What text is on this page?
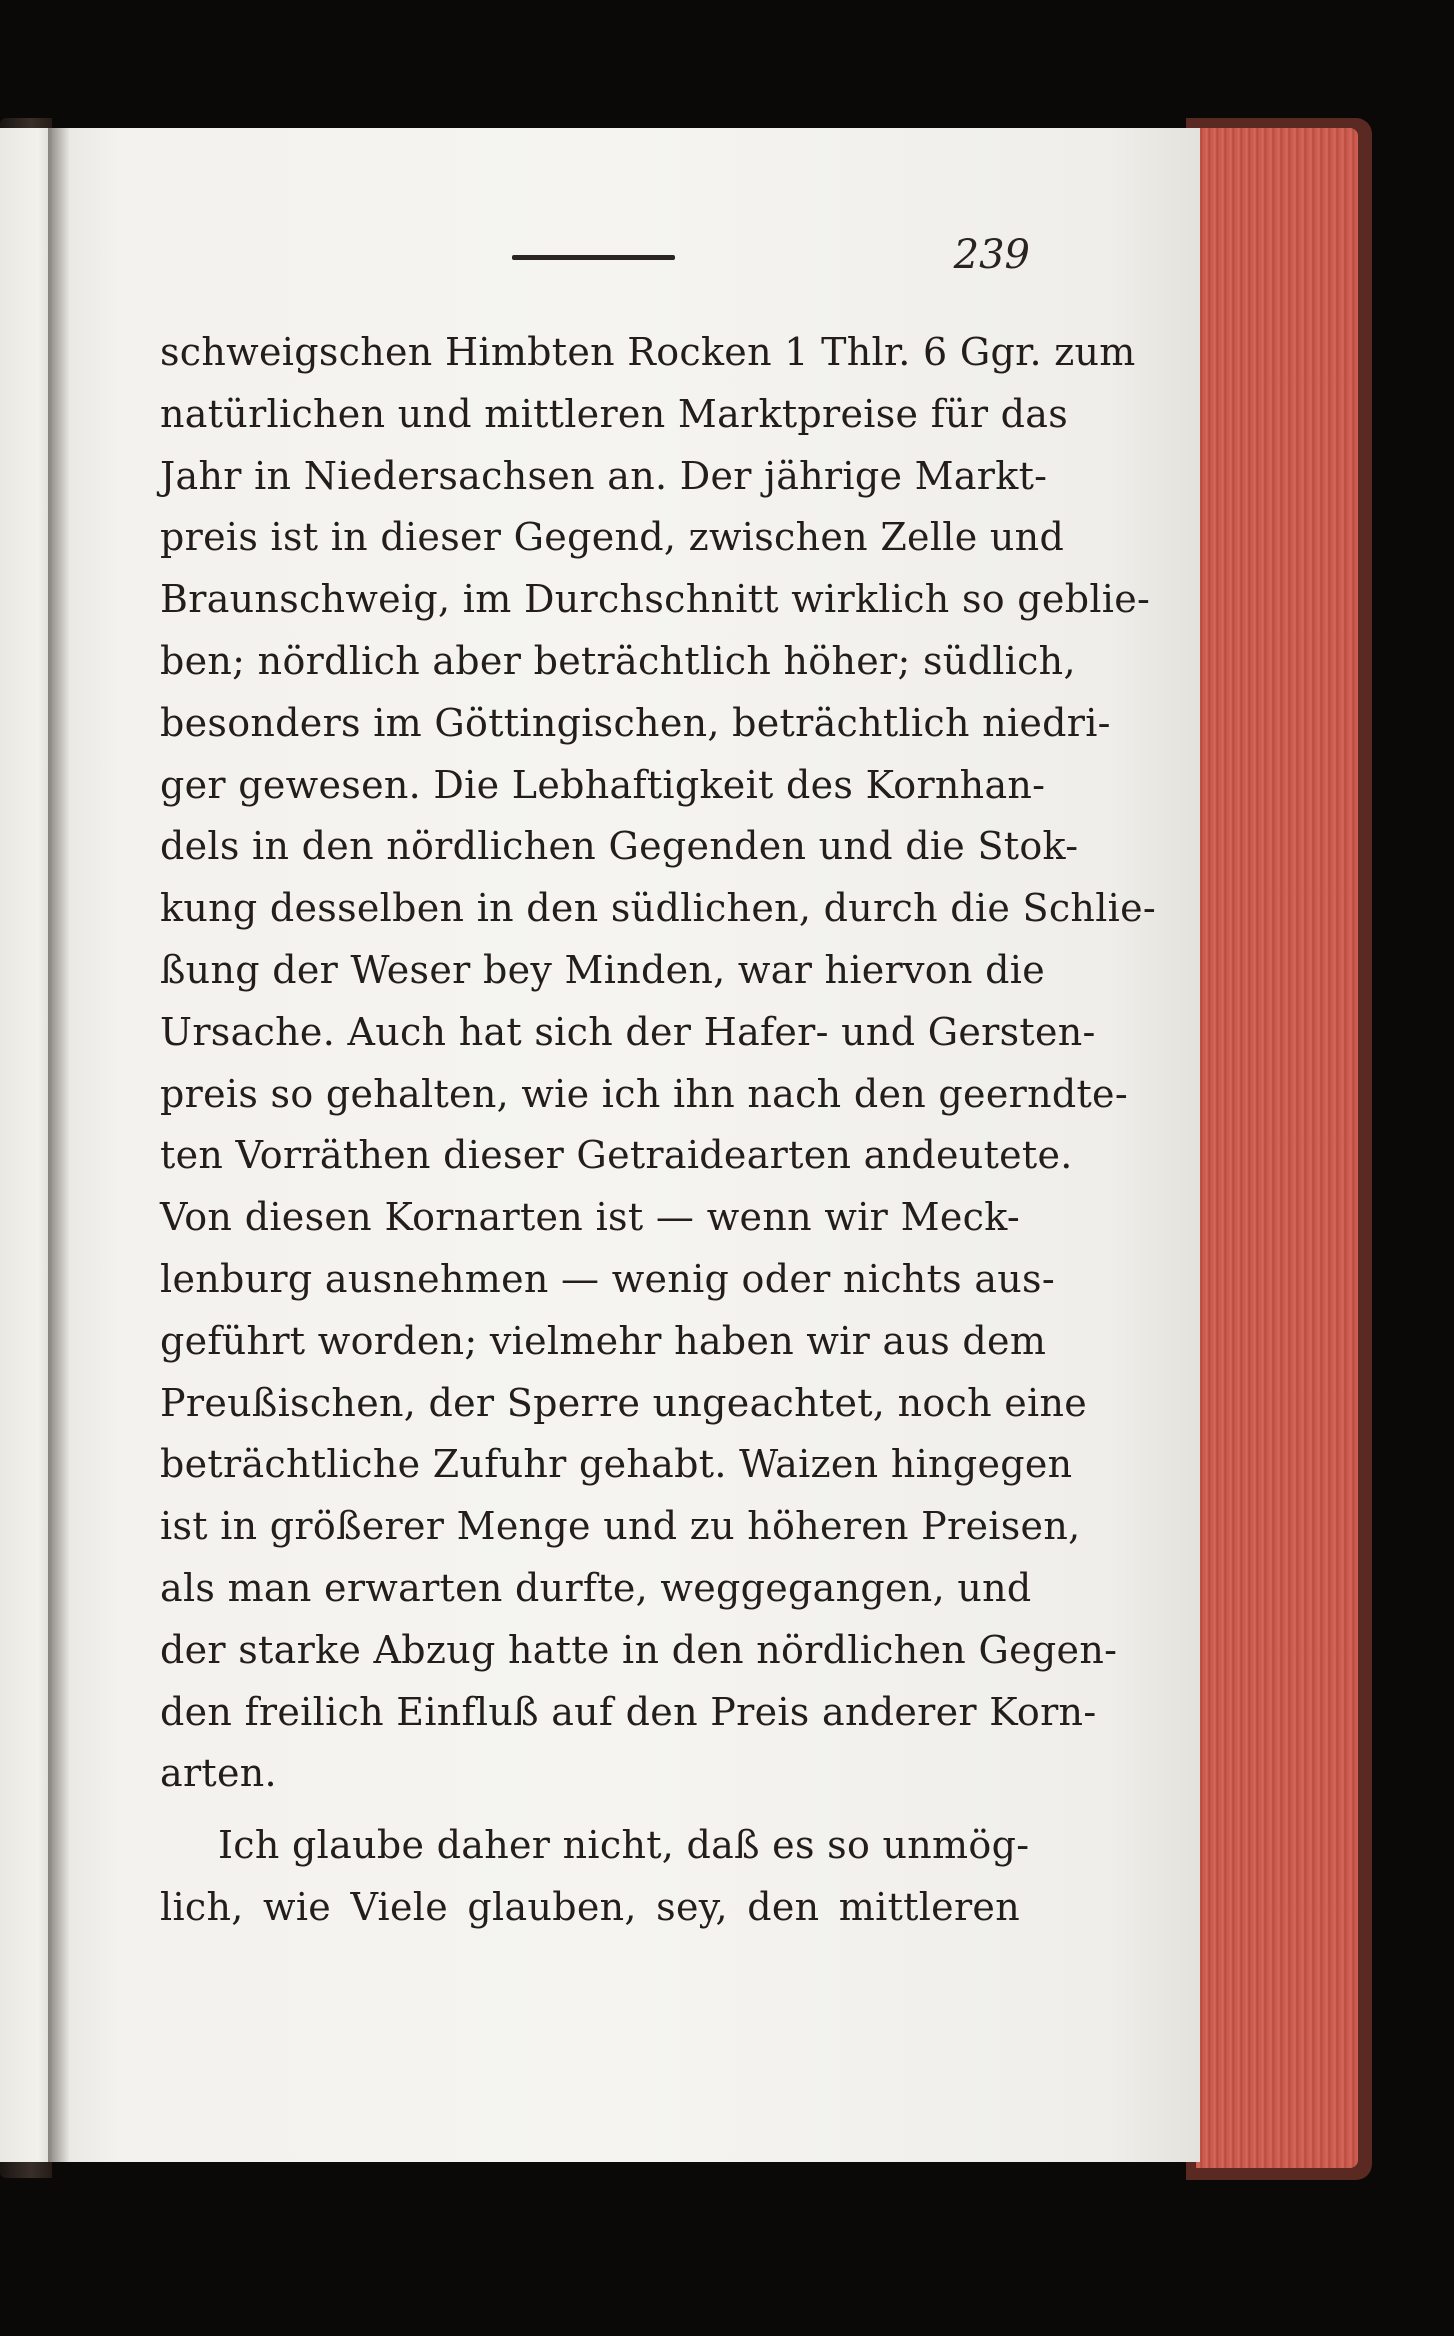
239
schweigschen Himbten Rocken 1 Thlr. 6 Ggr. zum
natürlichen und mittleren Marktpreise für das
Jahr in Niedersachsen an. Der jährige Markt-
preis ist in dieser Gegend, zwischen Zelle und
Braunschweig, im Durchschnitt wirklich so geblie-
ben; nördlich aber beträchtlich höher; südlich,
besonders im Göttingischen, beträchtlich niedri-
ger gewesen. Die Lebhaftigkeit des Kornhan-
dels in den nördlichen Gegenden und die Stok-
kung desselben in den südlichen, durch die Schlie-
ßung der Weser bey Minden, war hiervon die
Ursache. Auch hat sich der Hafer- und Gersten-
preis so gehalten, wie ich ihn nach den geerndte-
ten Vorräthen dieser Getraidearten andeutete.
Von diesen Kornarten ist — wenn wir Meck-
lenburg ausnehmen — wenig oder nichts aus-
geführt worden; vielmehr haben wir aus dem
Preußischen, der Sperre ungeachtet, noch eine
beträchtliche Zufuhr gehabt. Waizen hingegen
ist in größerer Menge und zu höheren Preisen,
als man erwarten durfte, weggegangen, und
der starke Abzug hatte in den nördlichen Gegen-
den freilich Einfluß auf den Preis anderer Korn-
arten.
Ich glaube daher nicht, daß es so unmög-
lich, wie Viele glauben, sey, den mittleren
